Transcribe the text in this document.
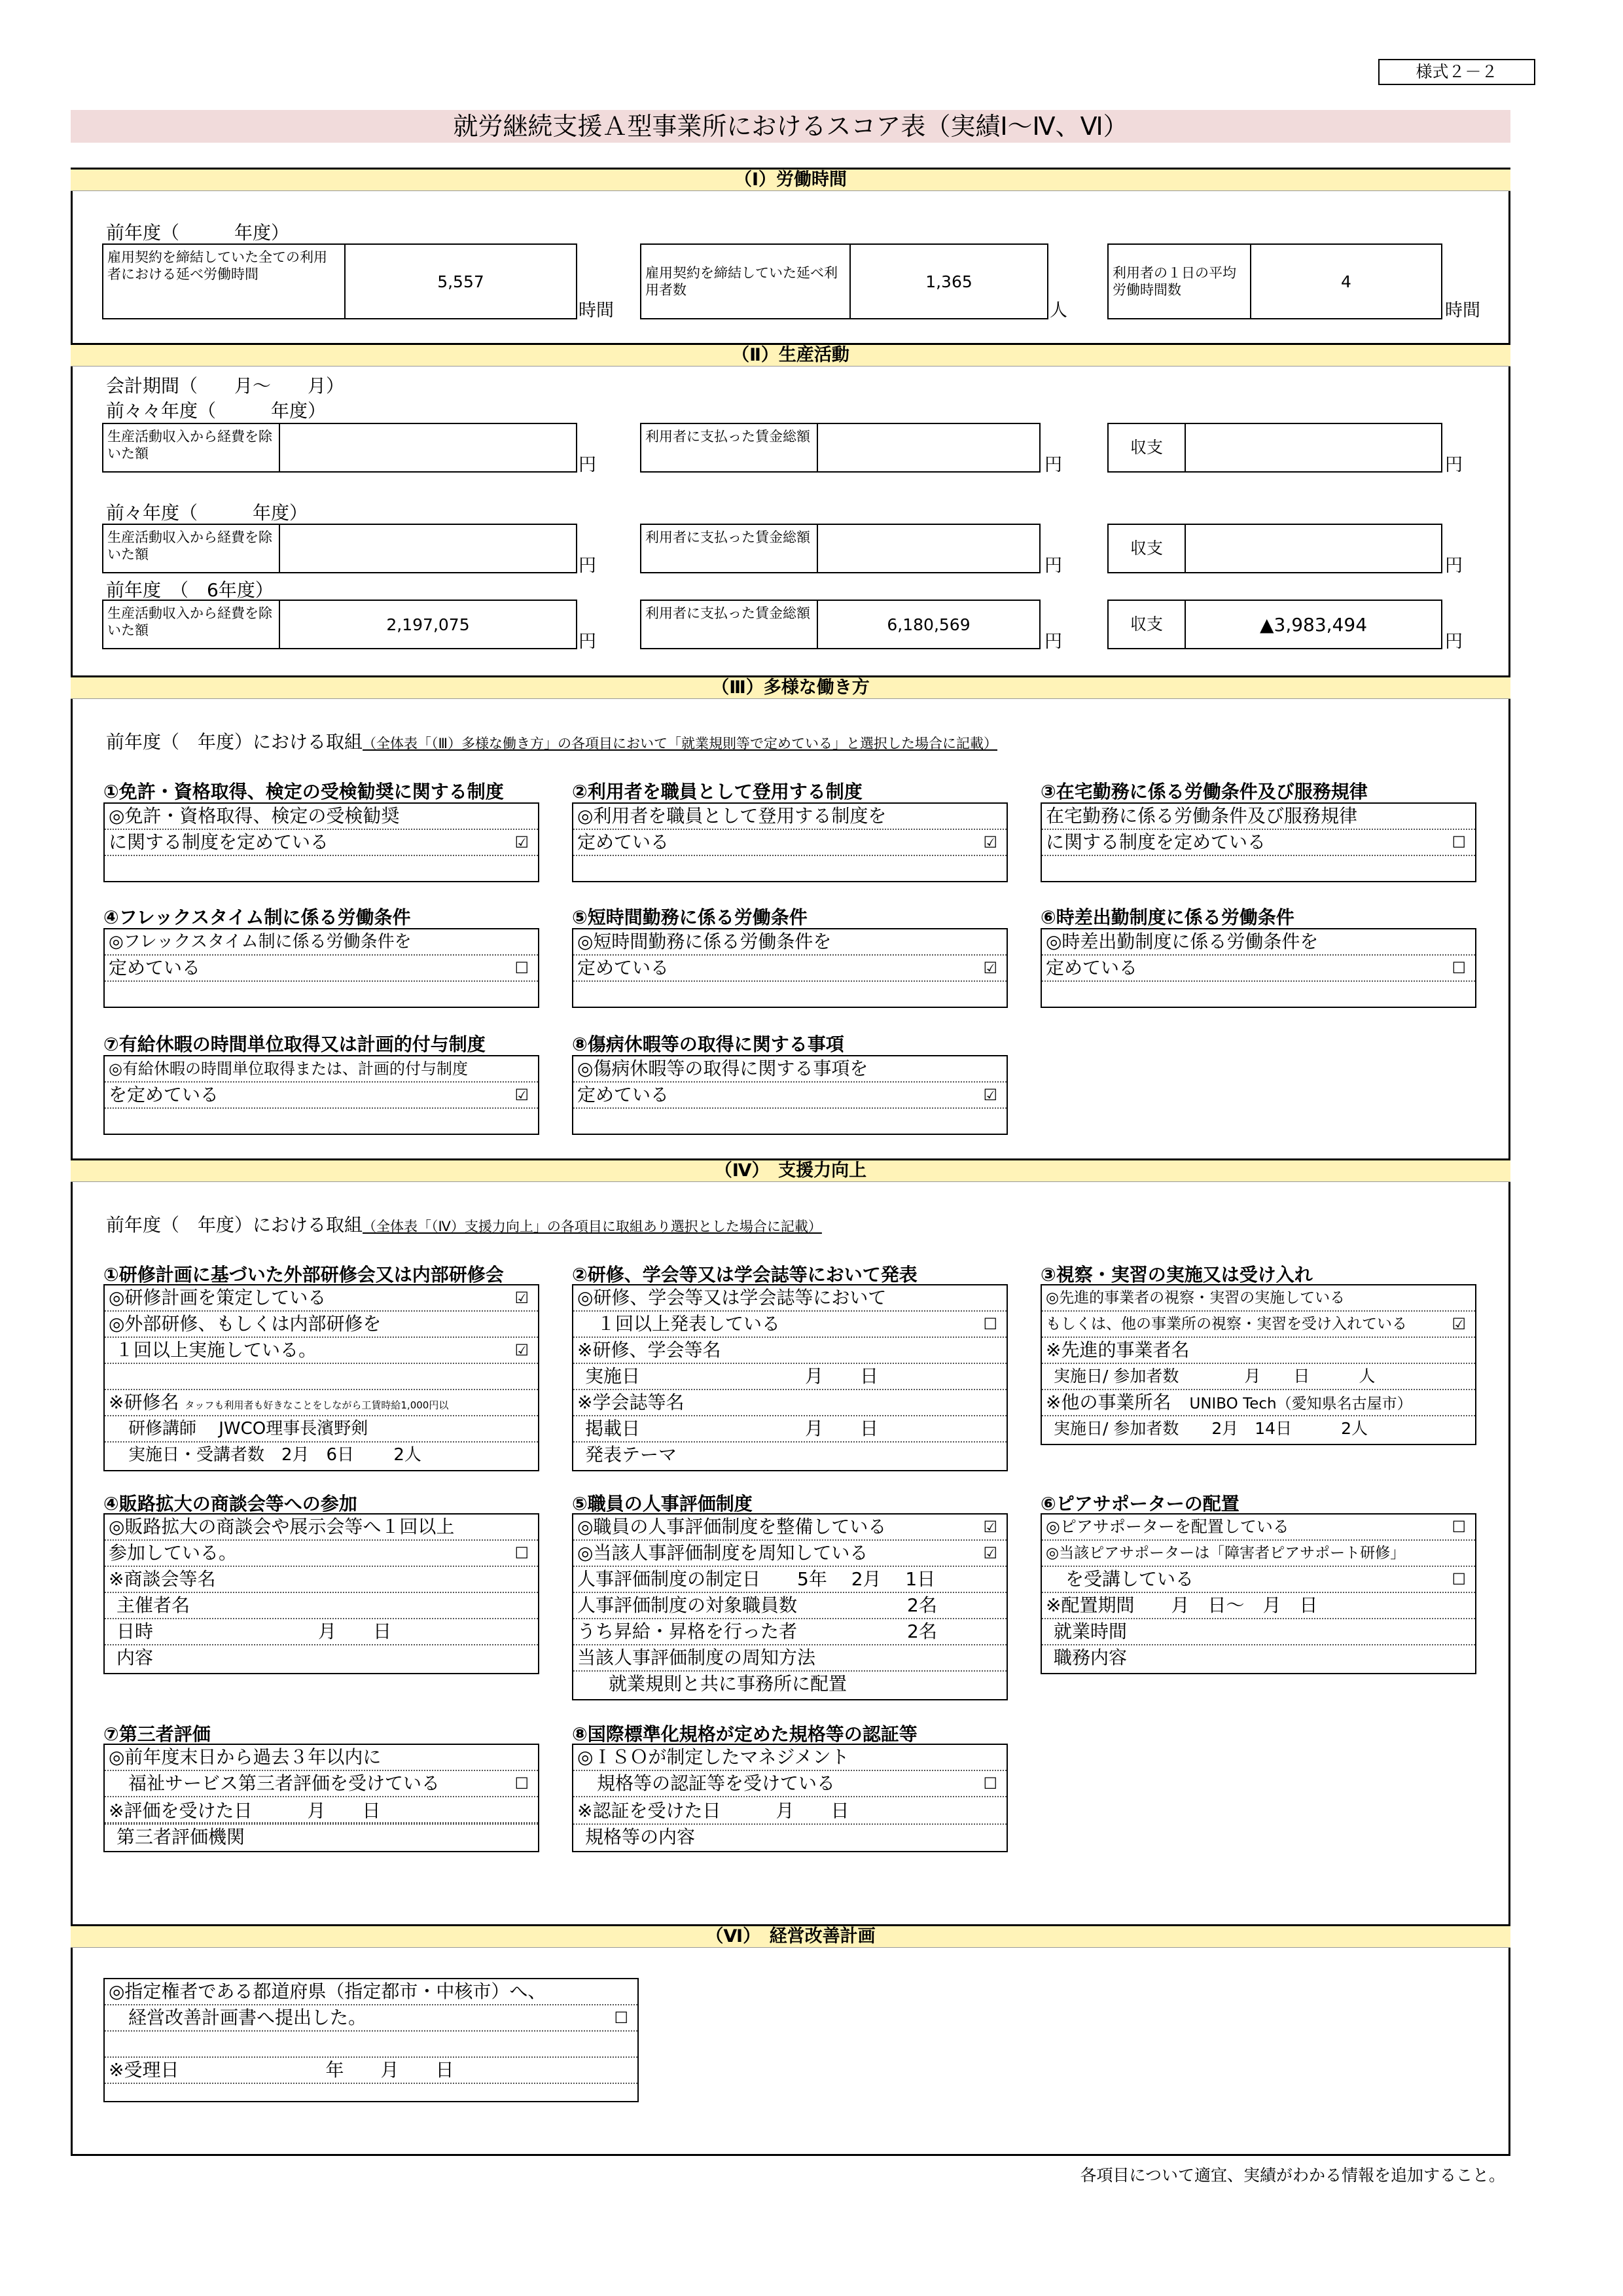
様式２－２
就労継続支援Ａ型事業所におけるスコア表（実績Ⅰ～Ⅳ、Ⅵ）
（Ⅰ）労働時間
前年度（　　　年度）
雇用契約を締結していた全ての利用者における延べ労働時間	5,557
時間
雇用契約を締結していた延べ利用者数	1,365
人
利用者の１日の平均労働時間数	4
時間
（Ⅱ）生産活動
会計期間（　　月～　　月）
前々々年度（　　　年度）
生産活動収入から経費を除いた額
円
利用者に支払った賃金総額
円
収支
円
前々年度（　　　年度）
生産活動収入から経費を除いた額
円
利用者に支払った賃金総額
円
収支
円
前年度　（　6年度）
生産活動収入から経費を除いた額	2,197,075
円
利用者に支払った賃金総額
6,180,569
円
収支	▲3,983,494
円
（Ⅲ）多様な働き方
前年度（　年度）における取組（全体表「（Ⅲ）多様な働き方」の各項目において「就業規則等で定めている」と選択した場合に記載）
①免許・資格取得、検定の受検勧奨に関する制度
◎免許・資格取得、検定の受検勧奨
に関する制度を定めている	☑
②利用者を職員として登用する制度
◎利用者を職員として登用する制度を
定めている	☑
③在宅勤務に係る労働条件及び服務規律
在宅勤務に係る労働条件及び服務規律
に関する制度を定めている	☐
④フレックスタイム制に係る労働条件
◎フレックスタイム制に係る労働条件を
定めている	☐
⑤短時間勤務に係る労働条件
◎短時間勤務に係る労働条件を
定めている	☑
⑥時差出勤制度に係る労働条件
◎時差出勤制度に係る労働条件を
定めている	☐
⑦有給休暇の時間単位取得又は計画的付与制度
◎有給休暇の時間単位取得または、計画的付与制度
を定めている	☑
⑧傷病休暇等の取得に関する事項
◎傷病休暇等の取得に関する事項を
定めている	☑
（Ⅳ）　支援力向上
前年度（　年度）における取組（全体表「（Ⅳ）支援力向上」の各項目に取組あり選択とした場合に記載）
①研修計画に基づいた外部研修会又は内部研修会
◎研修計画を策定している	☑
◎外部研修、もしくは内部研修を
１回以上実施している。	☑
※研修名 タッフも利用者も好きなことをしながら工賃時給1,000円以
研修講師　 JWCO理事長濱野剣
実施日・受講者数　2月　6日　　 2人
②研修、学会等又は学会誌等において発表
◎研修、学会等又は学会誌等において
１回以上発表している	☐
※研修、学会等名
実施日　　　　　　　　　月　　日
※学会誌等名
掲載日　　　　　　　　　月　　日
発表テーマ
③視察・実習の実施又は受け入れ
◎先進的事業者の視察・実習の実施している
もしくは、他の事業所の視察・実習を受け入れている	☑
※先進的事業者名
実施日/ 参加者数　　　　月　　日　　　人
※他の事業所名　 UNIBO Tech（愛知県名古屋市）
実施日/ 参加者数　　2月　14日　　　2人
④販路拡大の商談会等への参加
◎販路拡大の商談会や展示会等へ１回以上
参加している。	☐
※商談会等名
主催者名
日時　　　　　　　　　月　　日
内容
⑤職員の人事評価制度
◎職員の人事評価制度を整備している	☑
◎当該人事評価制度を周知している	☑
人事評価制度の制定日　　5年　 2月　 1日
人事評価制度の対象職員数　　　　　　2名
うち昇給・昇格を行った者　　　　　　2名
当該人事評価制度の周知方法
就業規則と共に事務所に配置
⑥ピアサポーターの配置
◎ピアサポーターを配置している	☐
◎当該ピアサポーターは「障害者ピアサポート研修」
を受講している	☐
※配置期間　　月　日～　月　日
就業時間
職務内容
⑦第三者評価
◎前年度末日から過去３年以内に
福祉サービス第三者評価を受けている	☐
※評価を受けた日　　　月　　日
第三者評価機関
⑧国際標準化規格が定めた規格等の認証等
◎ＩＳＯが制定したマネジメント
規格等の認証等を受けている	☐
※認証を受けた日　　　月　　日
規格等の内容
（Ⅵ）　経営改善計画
◎指定権者である都道府県（指定都市・中核市）へ、
経営改善計画書へ提出した。	☐
※受理日　　　　　　　　年　　月　　日
各項目について適宜、実績がわかる情報を追加すること。
